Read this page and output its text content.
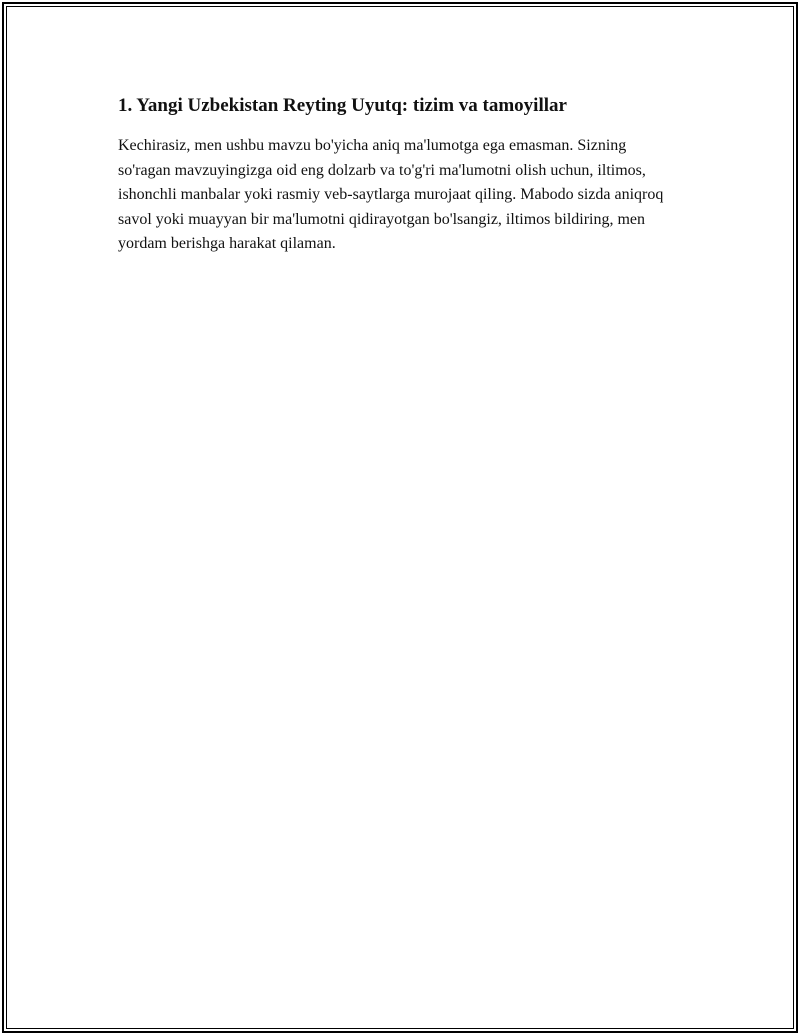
1. Yangi Uzbekistan Reyting Uyutq: tizim va tamoyillar

Kechirasiz, men ushbu mavzu bo'yicha aniq ma'lumotga ega emasman. Sizning so'ragan mavzuyingizga oid eng dolzarb va to'g'ri ma'lumotni olish uchun, iltimos, ishonchli manbalar yoki rasmiy veb-saytlarga murojaat qiling. Mabodo sizda aniqroq savol yoki muayyan bir ma'lumotni qidirayotgan bo'lsangiz, iltimos bildiring, men yordam berishga harakat qilaman.
